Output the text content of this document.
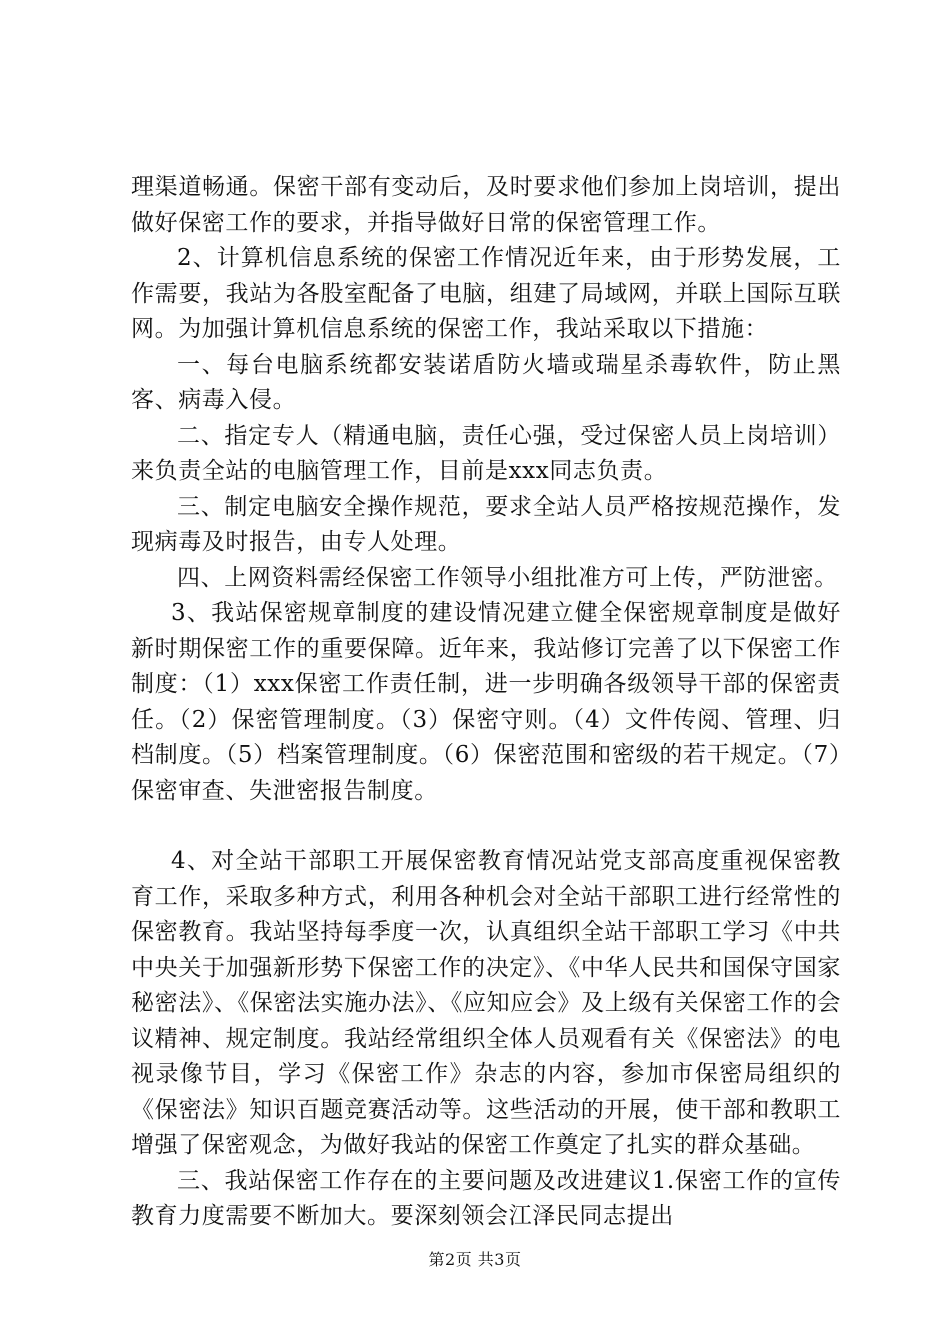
理渠道畅通。保密干部有变动后，及时要求他们参加上岗培训，提出做好保密工作的要求，并指导做好日常的保密管理工作。

2、计算机信息系统的保密工作情况近年来，由于形势发展，工作需要，我站为各股室配备了电脑，组建了局域网，并联上国际互联网。为加强计算机信息系统的保密工作，我站采取以下措施：

一、每台电脑系统都安装诺盾防火墙或瑞星杀毒软件，防止黑客、病毒入侵。

二、指定专人（精通电脑，责任心强，受过保密人员上岗培训）来负责全站的电脑管理工作，目前是xxx同志负责。

三、制定电脑安全操作规范，要求全站人员严格按规范操作，发现病毒及时报告，由专人处理。

四、上网资料需经保密工作领导小组批准方可上传，严防泄密。

3、我站保密规章制度的建设情况建立健全保密规章制度是做好新时期保密工作的重要保障。近年来，我站修订完善了以下保密工作制度：（1）xxx保密工作责任制，进一步明确各级领导干部的保密责任。（2）保密管理制度。（3）保密守则。（4）文件传阅、管理、归档制度。（5）档案管理制度。（6）保密范围和密级的若干规定。（7）保密审查、失泄密报告制度。

4、对全站干部职工开展保密教育情况站党支部高度重视保密教育工作，采取多种方式，利用各种机会对全站干部职工进行经常性的保密教育。我站坚持每季度一次，认真组织全站干部职工学习《中共中央关于加强新形势下保密工作的决定》、《中华人民共和国保守国家秘密法》、《保密法实施办法》、《应知应会》及上级有关保密工作的会议精神、规定制度。我站经常组织全体人员观看有关《保密法》的电视录像节目，学习《保密工作》杂志的内容，参加市保密局组织的《保密法》知识百题竞赛活动等。这些活动的开展，使干部和教职工增强了保密观念，为做好我站的保密工作奠定了扎实的群众基础。

三、我站保密工作存在的主要问题及改进建议1.保密工作的宣传教育力度需要不断加大。要深刻领会江泽民同志提出

第2页 共3页
